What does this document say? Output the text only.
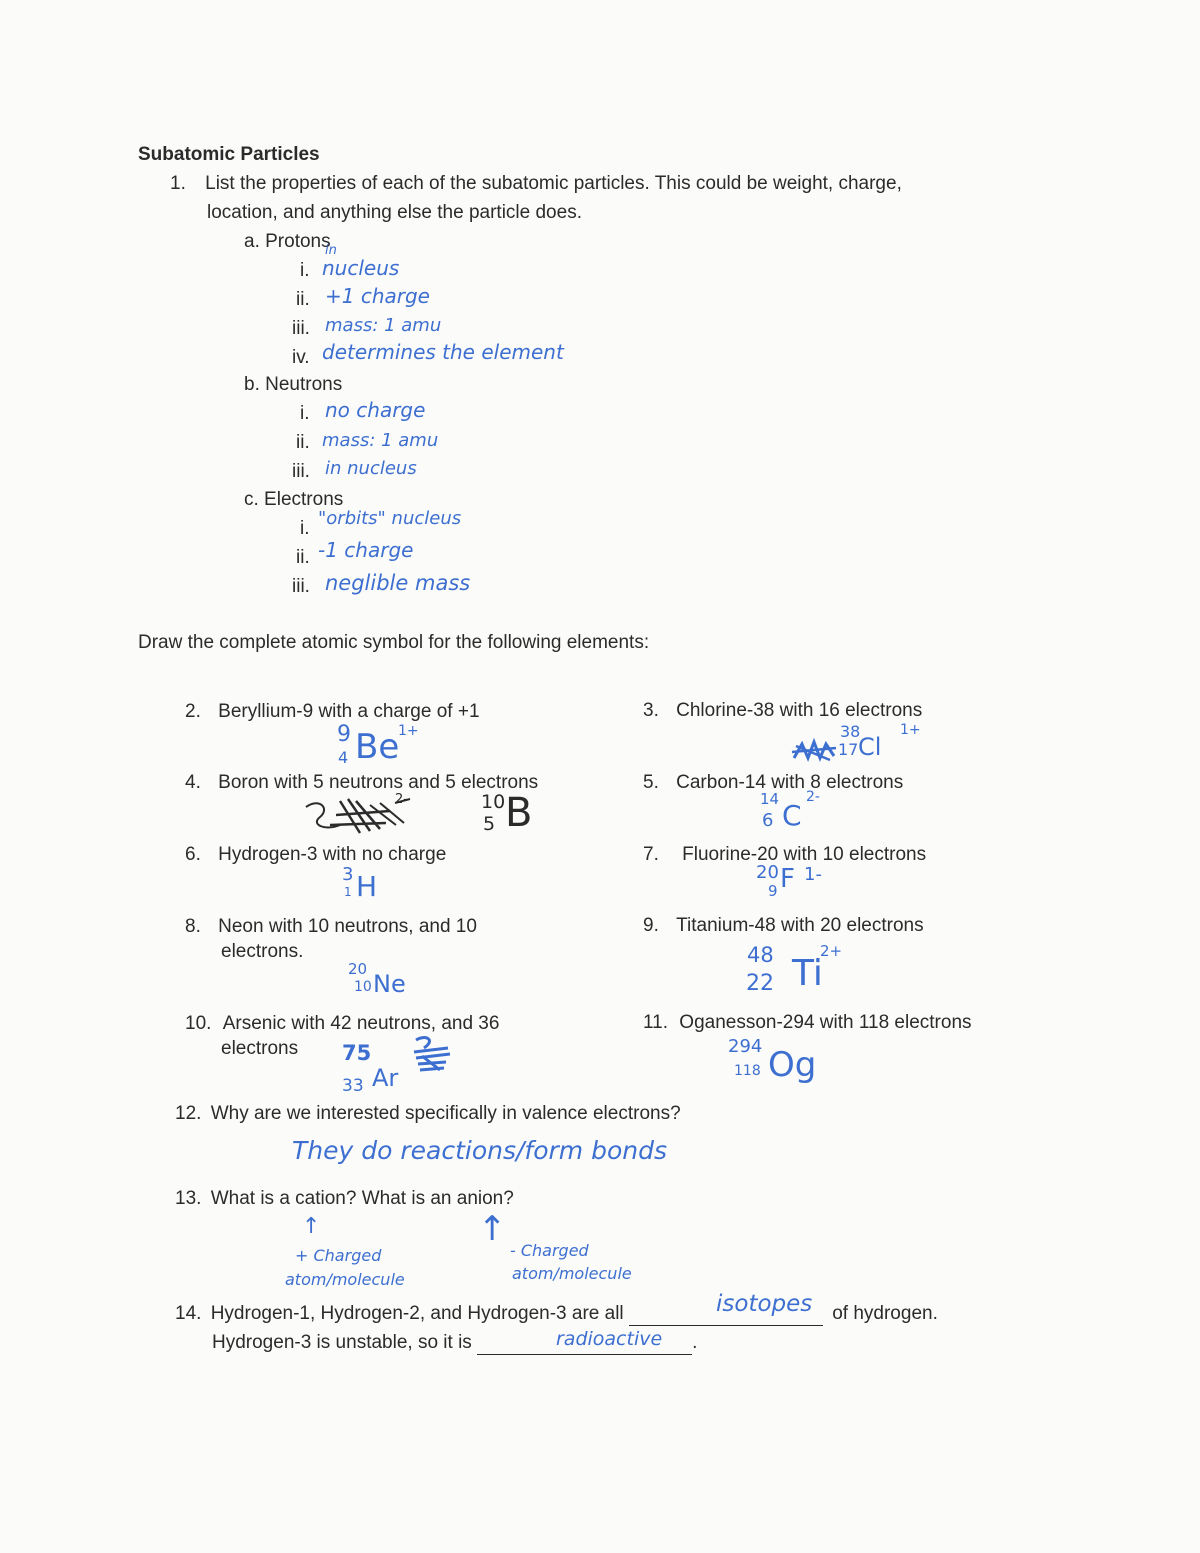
Subatomic Particles
1. List the properties of each of the subatomic particles. This could be weight, charge,
location, and anything else the particle does.
a. Protons
i.
in
nucleus
ii. +1 charge
iii. mass: 1 amu
iv. determines the element
b. Neutrons
i. no charge
ii. mass: 1 amu
iii. in nucleus
c. Electrons
i. "orbits" nucleus
ii. -1 charge
iii. neglible mass
Draw the complete atomic symbol for the following elements:
2. Beryllium-9 with a charge of +1
9
4 Be
1+
3. Chlorine-38 with 16 electrons
38
17 Cl
1+
4. Boron with 5 neutrons and 5 electrons
10
5 B
2-
5. Carbon-14 with 8 electrons
14
6 C
2-
6. Hydrogen-3 with no charge
3
1 H
7. Fluorine-20 with 10 electrons
20
9 F 1-
8. Neon with 10 neutrons, and 10
electrons.
20
10 Ne
9. Titanium-48 with 20 electrons
48
22 Ti
2+
10. Arsenic with 42 neutrons, and 36
electrons 75
33 Ar
11. Oganesson-294 with 118 electrons
294
118 Og
12. Why are we interested specifically in valence electrons?
They do reactions/form bonds
13. What is a cation? What is an anion?
↑
+ Charged
atom/molecule
↑
- Charged
atom/molecule
14. Hydrogen-1, Hydrogen-2, and Hydrogen-3 are all	of hydrogen.
isotopes
Hydrogen-3 is unstable, so it is	.
radioactive
